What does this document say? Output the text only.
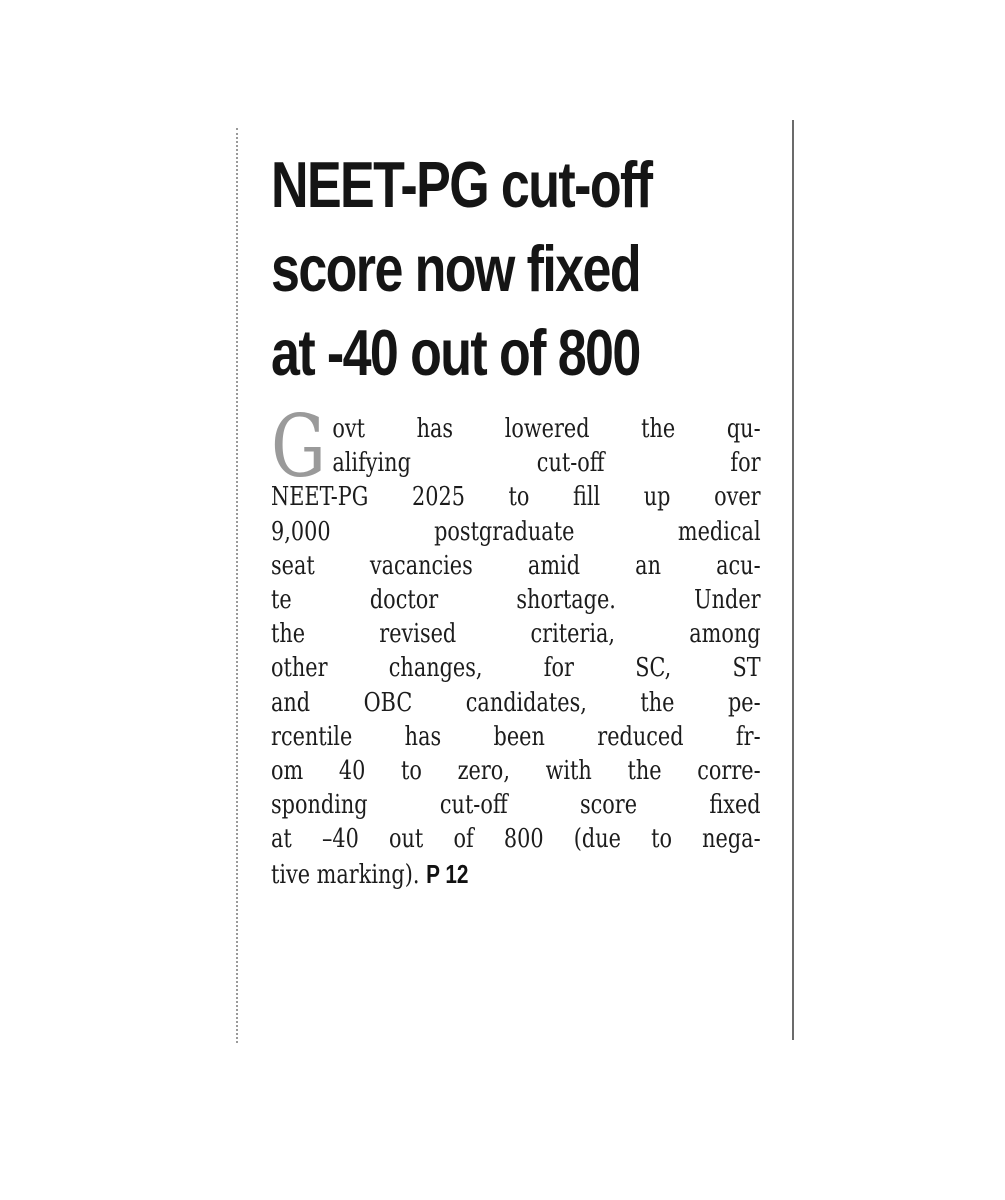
NEET-PG cut-off
score now fixed
at -40 out of 800
G ovt has lowered the qu-
alifying cut-off for
NEET-PG 2025 to fill up over
9,000 postgraduate medical
seat vacancies amid an acu-
te doctor shortage. Under
the revised criteria, among
other changes, for SC, ST
and OBC candidates, the pe-
rcentile has been reduced fr-
om 40 to zero, with the corre-
sponding cut-off score fixed
at –40 out of 800 (due to nega-
tive marking). P 12
